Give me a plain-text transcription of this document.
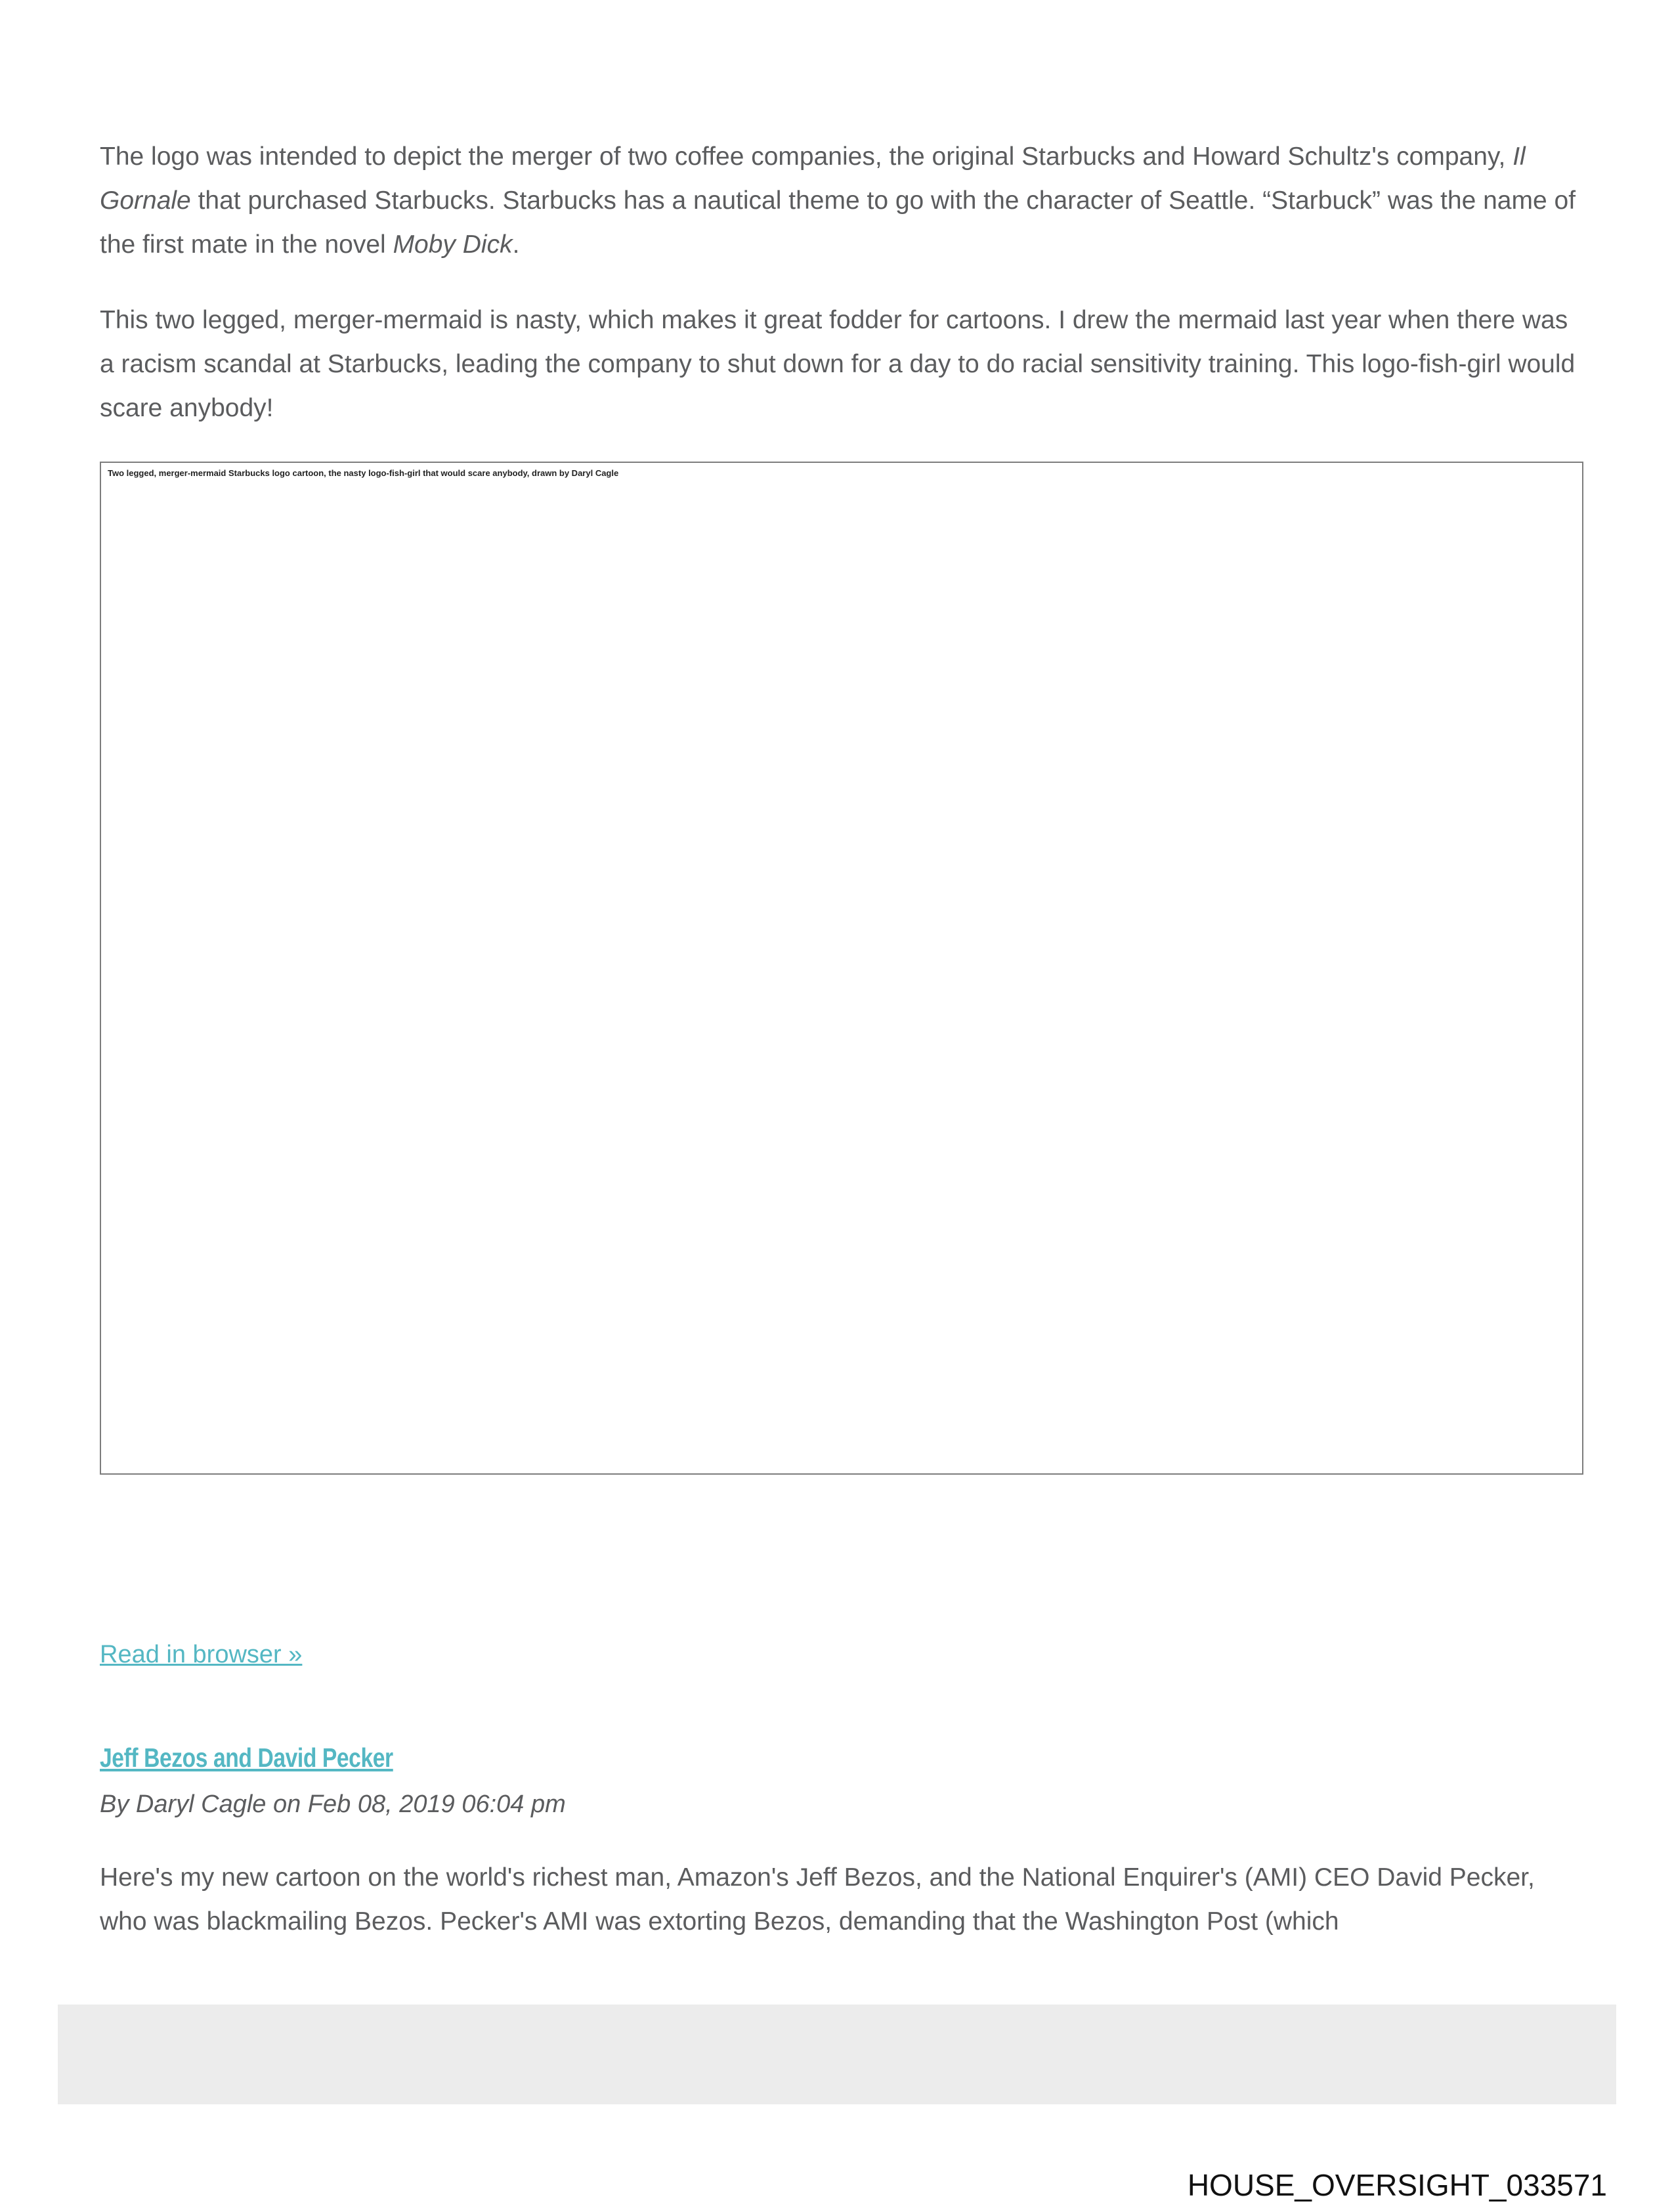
The logo was intended to depict the merger of two coffee companies, the original Starbucks and Howard Schultz's company, Il Gornale that purchased Starbucks. Starbucks has a nautical theme to go with the character of Seattle. “Starbuck” was the name of the first mate in the novel Moby Dick.

This two legged, merger-mermaid is nasty, which makes it great fodder for cartoons. I drew the mermaid last year when there was a racism scandal at Starbucks, leading the company to shut down for a day to do racial sensitivity training. This logo-fish-girl would scare anybody!

Two legged, merger-mermaid Starbucks logo cartoon, the nasty logo-fish-girl that would scare anybody, drawn by Daryl Cagle

Read in browser »

Jeff Bezos and David Pecker

By Daryl Cagle on Feb 08, 2019 06:04 pm

Here's my new cartoon on the world's richest man, Amazon's Jeff Bezos, and the National Enquirer's (AMI) CEO David Pecker, who was blackmailing Bezos. Pecker's AMI was extorting Bezos, demanding that the Washington Post (which

HOUSE_OVERSIGHT_033571
